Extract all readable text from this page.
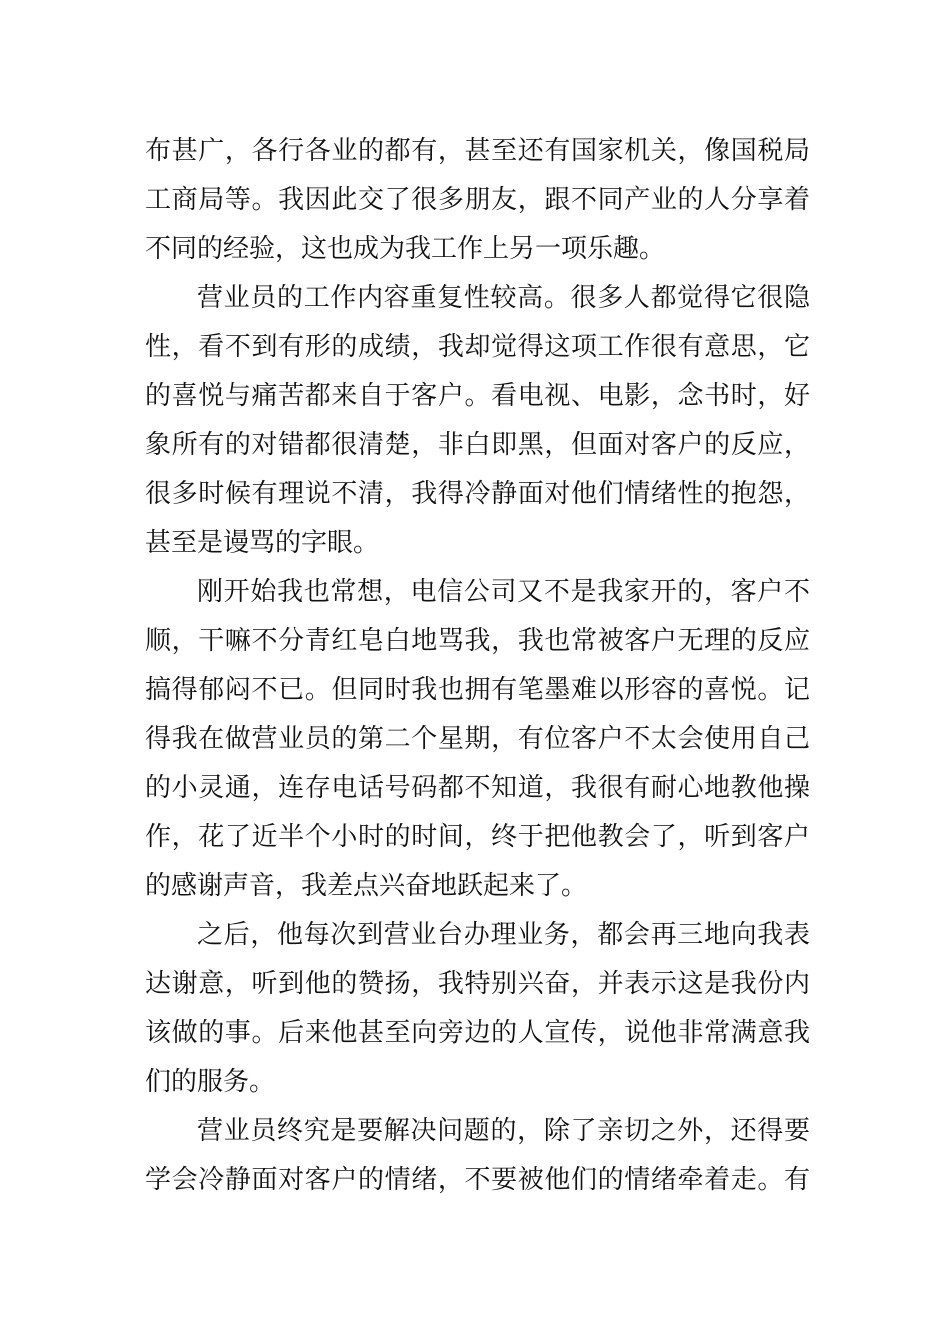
布甚广，各行各业的都有，甚至还有国家机关，像国税局
工商局等。我因此交了很多朋友，跟不同产业的人分享着
不同的经验，这也成为我工作上另一项乐趣。
营业员的工作内容重复性较高。很多人都觉得它很隐
性，看不到有形的成绩，我却觉得这项工作很有意思，它
的喜悦与痛苦都来自于客户。看电视、电影，念书时，好
象所有的对错都很清楚，非白即黑，但面对客户的反应，
很多时候有理说不清，我得冷静面对他们情绪性的抱怨，
甚至是谩骂的字眼。
刚开始我也常想，电信公司又不是我家开的，客户不
顺，干嘛不分青红皂白地骂我，我也常被客户无理的反应
搞得郁闷不已。但同时我也拥有笔墨难以形容的喜悦。记
得我在做营业员的第二个星期，有位客户不太会使用自己
的小灵通，连存电话号码都不知道，我很有耐心地教他操
作，花了近半个小时的时间，终于把他教会了，听到客户
的感谢声音，我差点兴奋地跃起来了。
之后，他每次到营业台办理业务，都会再三地向我表
达谢意，听到他的赞扬，我特别兴奋，并表示这是我份内
该做的事。后来他甚至向旁边的人宣传，说他非常满意我
们的服务。
营业员终究是要解决问题的，除了亲切之外，还得要
学会冷静面对客户的情绪，不要被他们的情绪牵着走。有
